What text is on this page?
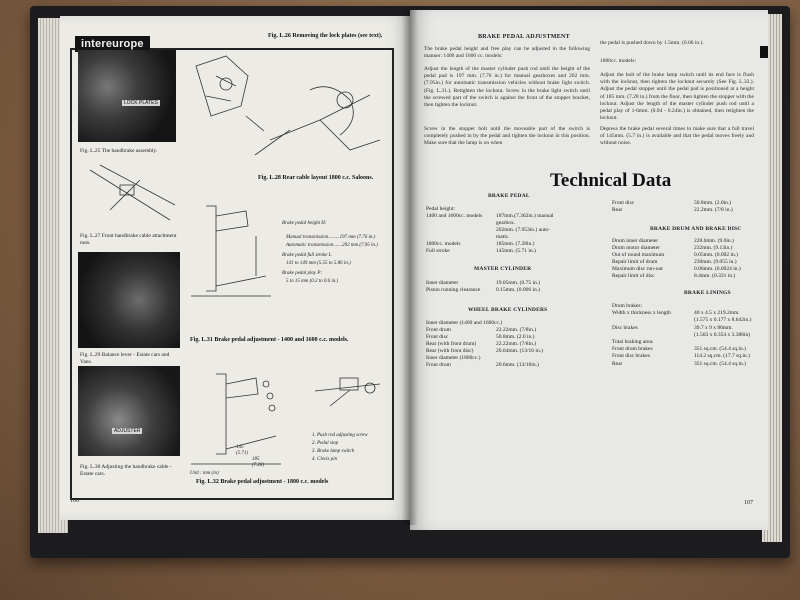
intereurope
LOCK PLATES
Fig. L.25 The handbrake assembly.
Fig. L.26 Removing the lock plates (see text).
Fig. L.28 Rear cable layout 1800 c.c. Saloons.
Fig. L.27 Front handbrake cable attachment nuts.
Brake pedal height H:
Manual transmission.........197 mm (7.76 in.)
Automatic transmission.......202 mm (7.95 in.)
Brake pedal full stroke L
141 to 149 mm (5.55 to 5.86 in.)
Brake pedal play P:
5 to 15 mm (0.2 to 0.6 in.)
Fig. L.29 Balance lever - Estate cars and Vans.
Fig. L.31 Brake pedal adjustment - 1400 and 1600 c.c. models.
ADJUSTER
Fig. L.30 Adjusting the handbrake cable - Estate cars.
145
(5.71)
185
(7.28)
Unit : mm (in)
1. Push rod adjusting screw
2. Pedal stop
3. Brake lamp switch
4. Clevis pin
Fig. L.32 Brake pedal adjustment - 1800 c.c. models
106
BRAKE PEDAL ADJUSTMENT
The brake pedal height and free play can be adjusted in the following manner: 1400 and 1600 cc. models:
Adjust the length of the master cylinder push rod until the height of the pedal pad is 197 mm. (7.76 in.) for manual gearboxes and 202 mm. (7.95in.) for automatic transmission vehicles without brake light switch. (Fig. L.31.). Retighten the locknut. Screw in the brake light switch until the screwed part of the switch is against the front of the stopper bracket, then tighten the locknut.
Screw in the stopper bolt until the moveable part of the switch is completely pushed in by the pedal and tighten the locknut in this position. Make sure that the lamp is on when
the pedal is pushed down by 1.5mm. (0.06 in.).
1800cc. models:
Adjust the bolt of the brake lamp switch until its end face is flush with the locknut, then tighten the locknut securely (See Fig. L.32.). Adjust the pedal stopper until the pedal pad is positioned at a height of 185 mm. (7.28 in.) from the floor, then tighten the stopper with the locknut. Adjust the length of the master cylinder push rod until a pedal play of 1-6mm. (0.04 - 0.24in.) is obtained, then retighten the locknut.
Depress the brake pedal several times to make sure that a full travel of 145mm. (5.7 in.) is available and that the pedal moves freely and without noise.
Technical Data
BRAKE PEDAL
Pedal height:
1400 and 1600cc. models	187mm.(7.362in.) manual
gearbox.
202mm. (7.953in.) auto-
matic.
1800cc. models	185mm. (7.28in.)
Full stroke	145mm. (5.71 in.)
MASTER CYLINDER
Inner diameter	19.05mm. (0.75 in.)
Piston running clearance	0.15mm. (0.006 in.)
WHEEL BRAKE CYLINDERS
Inner diameter (1400 and 1600cc.)
Front drum	22.22mm. (7/8in.)
Front disc	50.8mm. (2.0 in.)
Rear (with front drum)	22.22mm. (7/8in.)
Rear (with front disc)	20.64mm. (13/16 in.)
Inner diameter (1800cc.)
Front drum	20.6mm. (13/16in.)
Front disc	50.8mm. (2.0in.)
Rear	22.2mm. (7/8 in.)
BRAKE DRUM AND BRAKE DISC
Drum inner diameter	228.6mm. (9.0in.)
Drum motor diameter	232mm. (9.13in.)
Out of round maximum	0.05mm. (0.002 in.)
Repair limit of drum	230mm. (9.055 in.)
Maximum disc run-out	0.06mm. (0.0024 in.)
Repair limit of disc	8.4mm. (0.331 in.)
BRAKE LININGS
Drum brakes:
Width x thickness x length	40 x 4.5 x 219.2mm.
(1.575 x 0.177 x 8.642in.)
Disc brakes	39.7 x 9 x 86mm.
(1.563 x 0.354 x 3.386in)
Total braking area:
Front drum brakes	351 sq.cm. (54.4 sq.in.)
Front disc brakes	114.2 sq.cm. (17.7 sq.in.)
Rear	351 sq.cm. (54.4 sq.in.)
107
